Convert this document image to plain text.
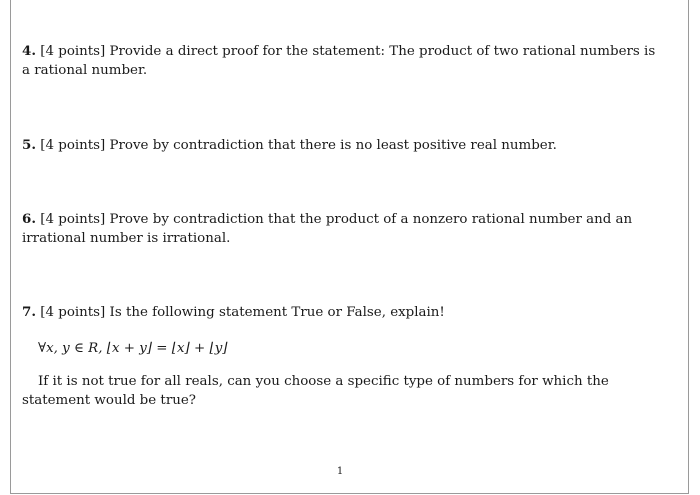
4. [4 points] Provide a direct proof for the statement: The product of two rational numbers is a rational number.

5. [4 points] Prove by contradiction that there is no least positive real number.

6. [4 points] Prove by contradiction that the product of a nonzero rational number and an irrational number is irrational.

7. [4 points] Is the following statement True or False, explain!

∀x, y ∈ R, ⌊x + y⌋ = ⌊x⌋ + ⌊y⌋

If it is not true for all reals, can you choose a specific type of numbers for which the statement would be true?

1
